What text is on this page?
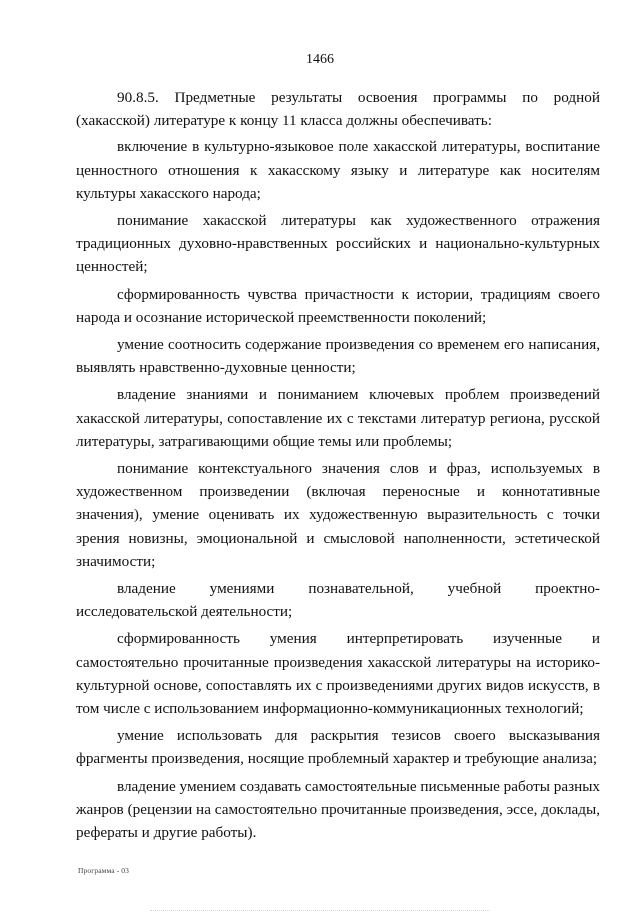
1466

90.8.5. Предметные результаты освоения программы по родной (хакасской) литературе к концу 11 класса должны обеспечивать:

включение в культурно-языковое поле хакасской литературы, воспитание ценностного отношения к хакасскому языку и литературе как носителям культуры хакасского народа;

понимание хакасской литературы как художественного отражения традиционных духовно-нравственных российских и национально-культурных ценностей;

сформированность чувства причастности к истории, традициям своего народа и осознание исторической преемственности поколений;

умение соотносить содержание произведения со временем его написания, выявлять нравственно-духовные ценности;

владение знаниями и пониманием ключевых проблем произведений хакасской литературы, сопоставление их с текстами литератур региона, русской литературы, затрагивающими общие темы или проблемы;

понимание контекстуального значения слов и фраз, используемых в художественном произведении (включая переносные и коннотативные значения), умение оценивать их художественную выразительность с точки зрения новизны, эмоциональной и смысловой наполненности, эстетической значимости;

владение умениями познавательной, учебной проектно-исследовательской деятельности;

сформированность умения интерпретировать изученные и самостоятельно прочитанные произведения хакасской литературы на историко-культурной основе, сопоставлять их с произведениями других видов искусств, в том числе с использованием информационно-коммуникационных технологий;

умение использовать для раскрытия тезисов своего высказывания фрагменты произведения, носящие проблемный характер и требующие анализа;

владение умением создавать самостоятельные письменные работы разных жанров (рецензии на самостоятельно прочитанные произведения, эссе, доклады, рефераты и другие работы).

Программа - 03
